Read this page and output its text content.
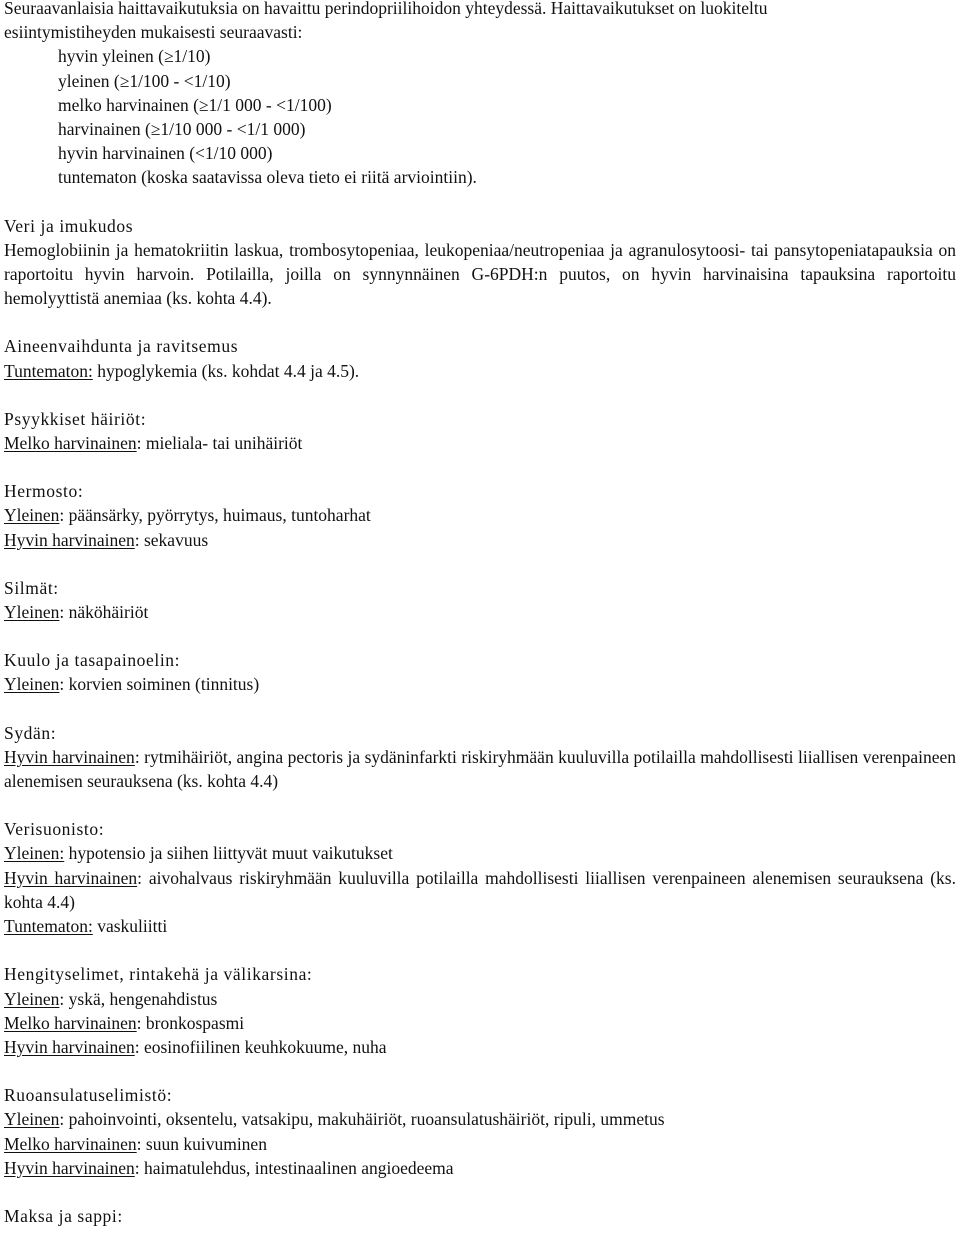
Seuraavanlaisia haittavaikutuksia on havaittu perindopriilihoidon yhteydessä. Haittavaikutukset on luokiteltu

esiintymistiheyden mukaisesti seuraavasti:

hyvin yleinen (≥1/10)

yleinen (≥1/100 - <1/10)

melko harvinainen (≥1/1 000 - <1/100)

harvinainen (≥1/10 000 - <1/1 000)

hyvin harvinainen (<1/10 000)

tuntematon (koska saatavissa oleva tieto ei riitä arviointiin).

Veri ja imukudos

Hemoglobiinin ja hematokriitin laskua, trombosytopeniaa, leukopeniaa/neutropeniaa ja agranulosytoosi- tai pansytopeniatapauksia on raportoitu hyvin harvoin. Potilailla, joilla on synnynnäinen G-6PDH:n puutos, on hyvin harvinaisina tapauksina raportoitu hemolyyttistä anemiaa (ks. kohta 4.4).

Aineenvaihdunta ja ravitsemus

Tuntematon: hypoglykemia (ks. kohdat 4.4 ja 4.5).

Psyykkiset häiriöt:

Melko harvinainen: mieliala- tai unihäiriöt

Hermosto:

Yleinen: päänsärky, pyörrytys, huimaus, tuntoharhat

Hyvin harvinainen: sekavuus

Silmät:

Yleinen: näköhäiriöt

Kuulo ja tasapainoelin:

Yleinen: korvien soiminen (tinnitus)

Sydän:

Hyvin harvinainen: rytmihäiriöt, angina pectoris ja sydäninfarkti riskiryhmään kuuluvilla potilailla mahdollisesti liiallisen verenpaineen alenemisen seurauksena (ks. kohta 4.4)

Verisuonisto:

Yleinen: hypotensio ja siihen liittyvät muut vaikutukset

Hyvin harvinainen: aivohalvaus riskiryhmään kuuluvilla potilailla mahdollisesti liiallisen verenpaineen alenemisen seurauksena (ks. kohta 4.4)

Tuntematon: vaskuliitti

Hengityselimet, rintakehä ja välikarsina:

Yleinen: yskä, hengenahdistus

Melko harvinainen: bronkospasmi

Hyvin harvinainen: eosinofiilinen keuhkokuume, nuha

Ruoansulatuselimistö:

Yleinen: pahoinvointi, oksentelu, vatsakipu, makuhäiriöt, ruoansulatushäiriöt, ripuli, ummetus

Melko harvinainen: suun kuivuminen

Hyvin harvinainen: haimatulehdus, intestinaalinen angioedeema

Maksa ja sappi:
